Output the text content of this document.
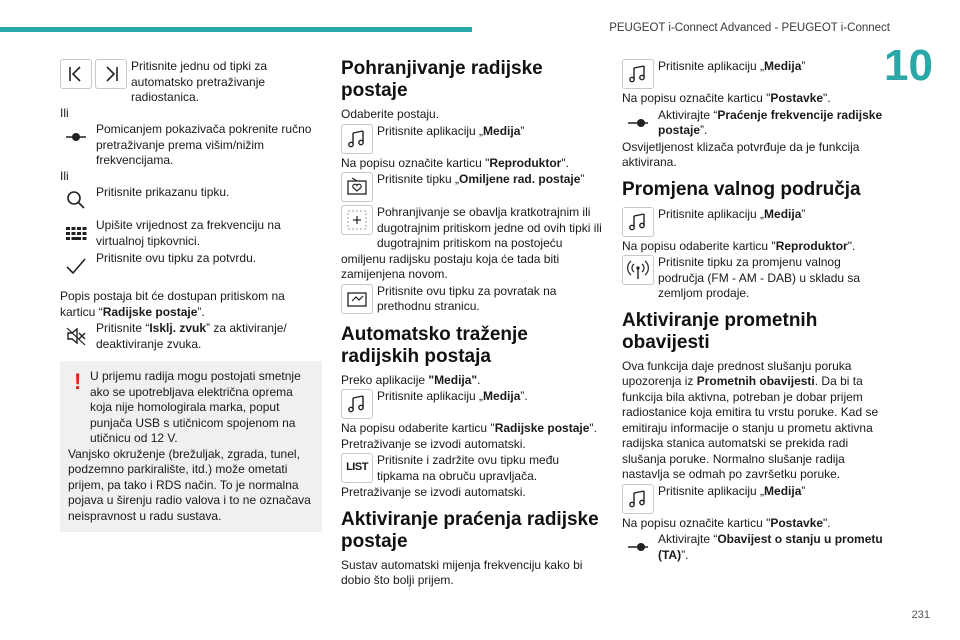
PEUGEOT i-Connect Advanced - PEUGEOT i-Connect
10
231

Pritisnite jednu od tipki za automatsko pretraživanje radiostanica.

Ili

Pomicanjem pokazivača pokrenite ručno pretraživanje prema višim/nižim frekvencijama.

Ili

Pritisnite prikazanu tipku.

Upišite vrijednost za frekvenciju na virtualnoj tipkovnici.

Pritisnite ovu tipku za potvrdu.

Popis postaja bit će dostupan pritiskom na karticu “Radijske postaje”.

Pritisnite “Isklj. zvuk” za aktiviranje/ deaktiviranje zvuka.

! U prijemu radija mogu postojati smetnje ako se upotrebljava električna oprema koja nije homologirala marka, poput punjača USB s utičnicom spojenom na utičnicu od 12 V.

Vanjsko okruženje (brežuljak, zgrada, tunel, podzemno parkiralište, itd.) može ometati prijem, pa tako i RDS način. To je normalna pojava u širenju radio valova i to ne označava neispravnost u radu sustava.

Pohranjivanje radijske postaje

Odaberite postaju.

Pritisnite aplikaciju „Medija”

Na popisu označite karticu "Reproduktor".

Pritisnite tipku „Omiljene rad. postaje”

Pohranjivanje se obavlja kratkotrajnim ili dugotrajnim pritiskom jedne od ovih tipki ili dugotrajnim pritiskom na postojeću omiljenu radijsku postaju koja će tada biti zamijenjena novom.

Pritisnite ovu tipku za povratak na prethodnu stranicu.

Automatsko traženje radijskih postaja

Preko aplikacije "Medija".

Pritisnite aplikaciju „Medija”.

Na popisu odaberite karticu "Radijske postaje".

Pretraživanje se izvodi automatski.

LIST

Pritisnite i zadržite ovu tipku među tipkama na obruču upravljača.

Pretraživanje se izvodi automatski.

Aktiviranje praćenja radijske postaje

Sustav automatski mijenja frekvenciju kako bi dobio što bolji prijem.

Pritisnite aplikaciju „Medija”

Na popisu označite karticu "Postavke".

Aktivirajte “Praćenje frekvencije radijske postaje”.

Osvijetljenost klizača potvrđuje da je funkcija aktivirana.

Promjena valnog područja

Pritisnite aplikaciju „Medija”

Na popisu odaberite karticu "Reproduktor".

Pritisnite tipku za promjenu valnog područja (FM - AM - DAB) u skladu sa zemljom prodaje.

Aktiviranje prometnih obavijesti

Ova funkcija daje prednost slušanju poruka upozorenja iz Prometnih obavijesti. Da bi ta funkcija bila aktivna, potreban je dobar prijem radiostanice koja emitira tu vrstu poruke. Kad se emitiraju informacije o stanju u prometu aktivna radijska stanica automatski se prekida radi slušanja poruke. Normalno slušanje radija nastavlja se odmah po završetku poruke.

Pritisnite aplikaciju „Medija”

Na popisu označite karticu "Postavke".

Aktivirajte “Obavijest o stanju u prometu (TA)”.
